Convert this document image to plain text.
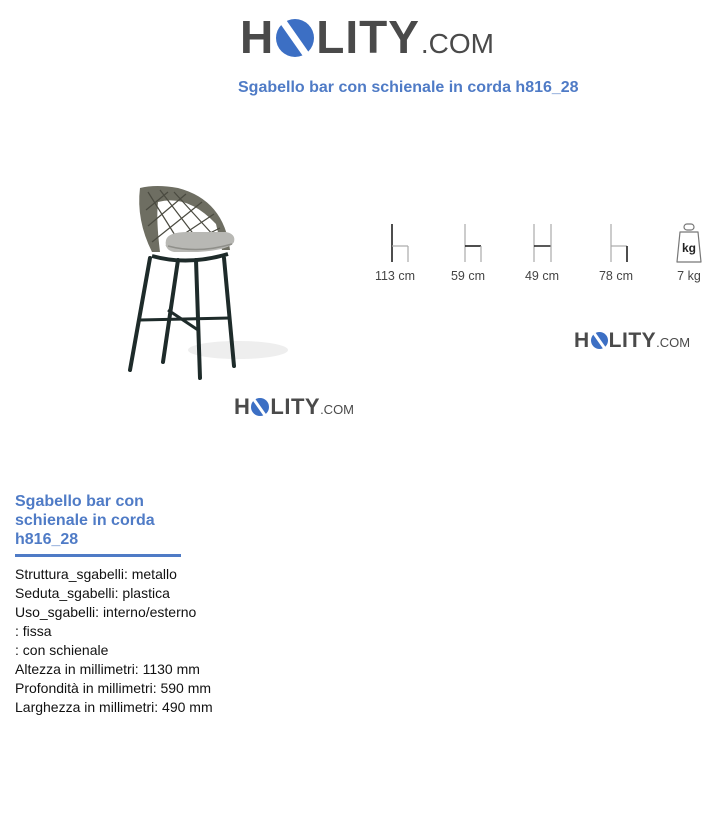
H LITY .COM
Sgabello bar con schienale in corda h816_28
H LITY .COM
113 cm	59 cm	49 cm	78 cm
kg
7 kg
H LITY .COM
Sgabello bar con schienale in corda h816_28
Struttura_sgabelli: metallo
Seduta_sgabelli: plastica
Uso_sgabelli: interno/esterno
: fissa
: con schienale
Altezza in millimetri: 1130 mm
Profondità in millimetri: 590 mm
Larghezza in millimetri: 490 mm
